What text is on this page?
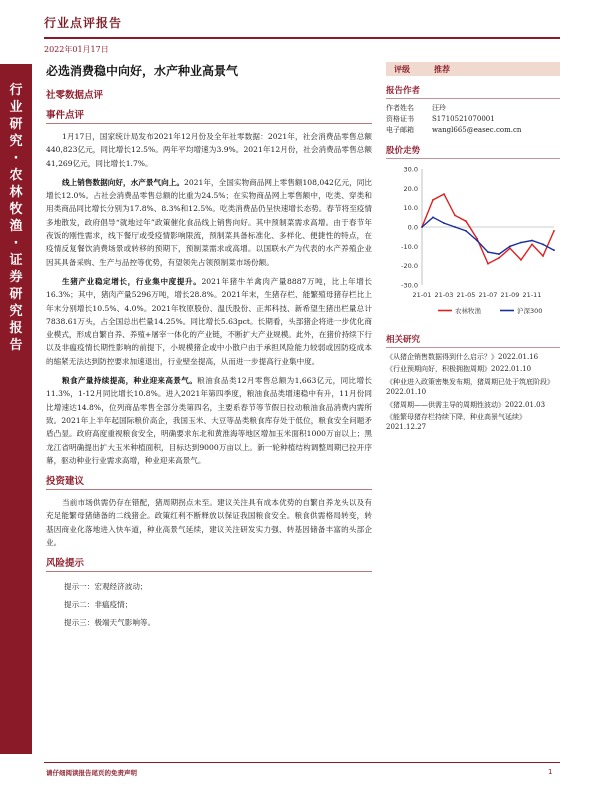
行业点评报告
2022年01月17日
行
业
研
究
·
农
林
牧
渔
·
证
券
研
究
报
告
必选消费稳中向好，水产种业高景气
社零数据点评
事件点评

1月17日，国家统计局发布2021年12月份及全年社零数据：2021年，社会消费品零售总额440,823亿元，同比增长12.5%。两年平均增速为3.9%。2021年12月份，社会消费品零售总额41,269亿元，同比增长1.7%。

线上销售数据向好，水产景气向上。2021年，全国实物商品网上零售额108,042亿元，同比增长12.0%。占社会消费品零售总额的比重为24.5%；在实物商品网上零售额中，吃类、穿类和用类商品同比增长分别为17.8%、8.3%和12.5%。吃类消费品仍呈快速增长态势。春节将至疫情多地散发，政府倡导“就地过年”政策催化食品线上销售向好。其中预制菜需求高增。由于春节年夜饭的刚性需求，线下餐厅或受疫情影响限流，预制菜具备标准化、多样化、便捷性的特点，在疫情反复餐饮消费场景或转移的预期下，预制菜需求或高增。以国联水产为代表的水产养殖企业因其具备采购、生产与品控等优势，有望领先占领预制菜市场份额。

生猪产业稳定增长，行业集中度提升。2021年猪牛羊禽肉产量8887万吨，比上年增长16.3%；其中，猪肉产量5296万吨，增长28.8%。2021年末，生猪存栏、能繁殖母猪存栏比上年末分别增长10.5%、4.0%。2021年牧原股份、温氏股份、正邦科技、新希望生猪出栏量总计7838.61万头，占全国总出栏量14.25%。同比增长5.63pct。长期看，头部猪企将进一步优化商业模式，形成自繁自养、养殖+屠宰一体化的产业链，不断扩大产业规模。此外，在猪价持续下行以及非瘟疫情长期性影响的前提下，小规模猪企或中小散户由于承担风险能力较弱或因防疫成本的缩紧无法达到防控要求加速退出，行业壁垒提高，从而进一步提高行业集中度。

粮食产量持续提高，种业迎来高景气。粮油食品类12月零售总额为1,663亿元，同比增长11.3%，1-12月同比增长10.8%。进入2021年第四季度，粮油食品类增速稳中有升，11月份同比增速达14.8%，位列商品零售全部分类第四名，主要系春节等节假日拉动粮油食品消费内需所致。2021年上半年起国际粮价高企，我国玉米、大豆等品类粮食库存处于低位，粮食安全问题矛盾凸显。政府高度重视粮食安全，明确要求东北和黄淮海等地区增加玉米面积1000万亩以上；黑龙江省明确提出扩大玉米种植面积，目标达到9000万亩以上。新一轮种植结构调整周期已拉开序幕，驱动种业行业需求高增，种业迎来高景气。

投资建议

当前市场供需仍存在错配，猪周期拐点未至。建议关注具有成本优势的自繁自养龙头以及有充足能繁母猪储备的二线猪企。政策红利不断释放以保证我国粮食安全。粮食供需格局转变，转基因商业化落地进入快车道，种业高景气延续，建议关注研发实力强、转基因储备丰富的头部企业。

风险提示
提示一：宏观经济波动；
提示二：非瘟疫情；
提示三：极端天气影响等。
评级	推荐
报告作者
作者姓名	汪玲
资格证书	S1710521070001
电子邮箱	wangl665@easec.com.cn
股价走势
30.0
20.0
10.0
0.0
-10.0
-20.0
-30.0
21-01 21-03 21-05 21-07 21-09 21-11
农林牧渔	沪深300
相关研究
《从猪企销售数据得到什么启示？》2022.01.16
《行业预期向好，积极拥抱周期》2022.01.10
《种业进入政策密集发布期，猪周期已处于筑底阶段》2022.01.10
《猪周期——供需主导的周期性波动》2022.01.03
《能繁母猪存栏持续下降，种业高景气延续》2021.12.27
请仔细阅读报告尾页的免责声明	1
